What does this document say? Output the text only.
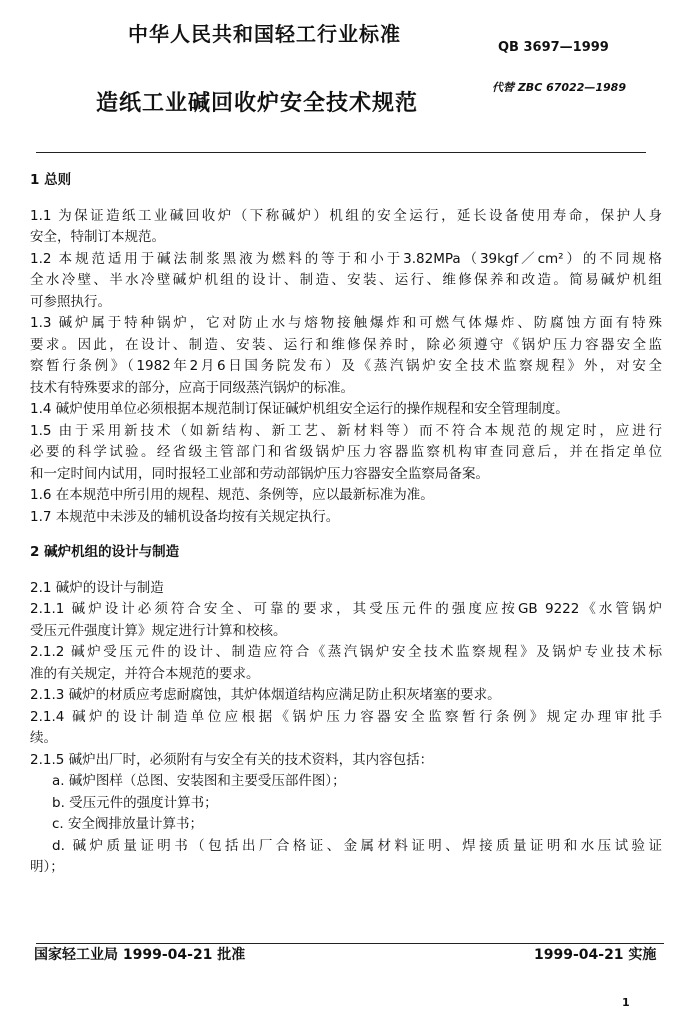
中华人民共和国轻工行业标准
QB 3697—1999
造纸工业碱回收炉安全技术规范
代替 ZBC 67022—1989
1 总则
1.1 为保证造纸工业碱回收炉（下称碱炉）机组的安全运行，延长设备使用寿命，保护人身
安全，特制订本规范。
1.2 本规范适用于碱法制浆黑液为燃料的等于和小于3.82MPa（39kgf／cm²）的不同规格
全水冷壁、半水冷壁碱炉机组的设计、制造、安装、运行、维修保养和改造。简易碱炉机组
可参照执行。
1.3 碱炉属于特种锅炉，它对防止水与熔物接触爆炸和可燃气体爆炸、防腐蚀方面有特殊
要求。因此，在设计、制造、安装、运行和维修保养时，除必须遵守《锅炉压力容器安全监
察暂行条例》（1982年2月6日国务院发布）及《蒸汽锅炉安全技术监察规程》外，对安全
技术有特殊要求的部分，应高于同级蒸汽锅炉的标准。
1.4 碱炉使用单位必须根据本规范制订保证碱炉机组安全运行的操作规程和安全管理制度。
1.5 由于采用新技术（如新结构、新工艺、新材料等）而不符合本规范的规定时，应进行
必要的科学试验。经省级主管部门和省级锅炉压力容器监察机构审查同意后，并在指定单位
和一定时间内试用，同时报轻工业部和劳动部锅炉压力容器安全监察局备案。
1.6 在本规范中所引用的规程、规范、条例等，应以最新标准为准。
1.7 本规范中未涉及的辅机设备均按有关规定执行。
2 碱炉机组的设计与制造
2.1 碱炉的设计与制造
2.1.1 碱炉设计必须符合安全、可靠的要求，其受压元件的强度应按GB 9222《水管锅炉
受压元件强度计算》规定进行计算和校核。
2.1.2 碱炉受压元件的设计、制造应符合《蒸汽锅炉安全技术监察规程》及锅炉专业技术标
准的有关规定，并符合本规范的要求。
2.1.3 碱炉的材质应考虑耐腐蚀，其炉体烟道结构应满足防止积灰堵塞的要求。
2.1.4 碱炉的设计制造单位应根据《锅炉压力容器安全监察暂行条例》规定办理审批手
续。
2.1.5 碱炉出厂时，必须附有与安全有关的技术资料，其内容包括：
a. 碱炉图样（总图、安装图和主要受压部件图）；
b. 受压元件的强度计算书；
c. 安全阀排放量计算书；
d. 碱炉质量证明书（包括出厂合格证、金属材料证明、焊接质量证明和水压试验证
明）；
国家轻工业局 1999-04-21 批准	1999-04-21 实施
1
